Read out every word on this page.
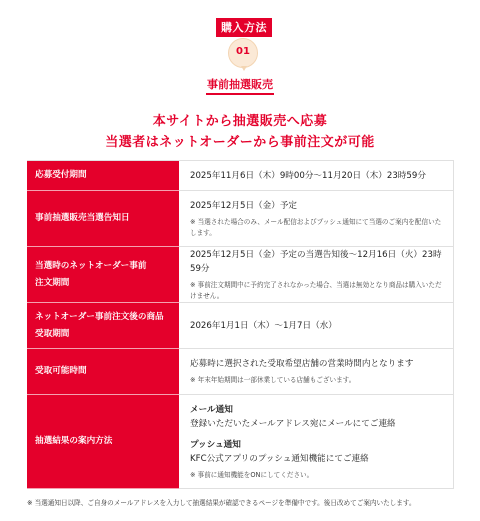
購入方法
01
事前抽選販売
本サイトから抽選販売へ応募
当選者はネットオーダーから事前注文が可能
応募受付期間	2025年11月6日（木）9時00分〜11月20日（木）23時59分
事前抽選販売当選告知日
2025年12月5日（金）予定
※ 当選された場合のみ、メール配信およびプッシュ通知にて当選のご案内を配信いたします。
当選時のネットオーダー事前
注文期間
2025年12月5日（金）予定の当選告知後〜12月16日（火）23時59分
※ 事前注文期間中に予約完了されなかった場合、当選は無効となり商品は購入いただけません。
ネットオーダー事前注文後の商品
受取期間
2026年1月1日（木）〜1月7日（水）
受取可能時間
応募時に選択された受取希望店舗の営業時間内となります
※ 年末年始期間は一部休業している店舗もございます。
抽選結果の案内方法
メール通知
登録いただいたメールアドレス宛にメールにてご連絡
プッシュ通知
KFC公式アプリのプッシュ通知機能にてご連絡
※ 事前に通知機能をONにしてください。
※ 当選通知日以降、ご自身のメールアドレスを入力して抽選結果が確認できるページを準備中です。後日改めてご案内いたします。
